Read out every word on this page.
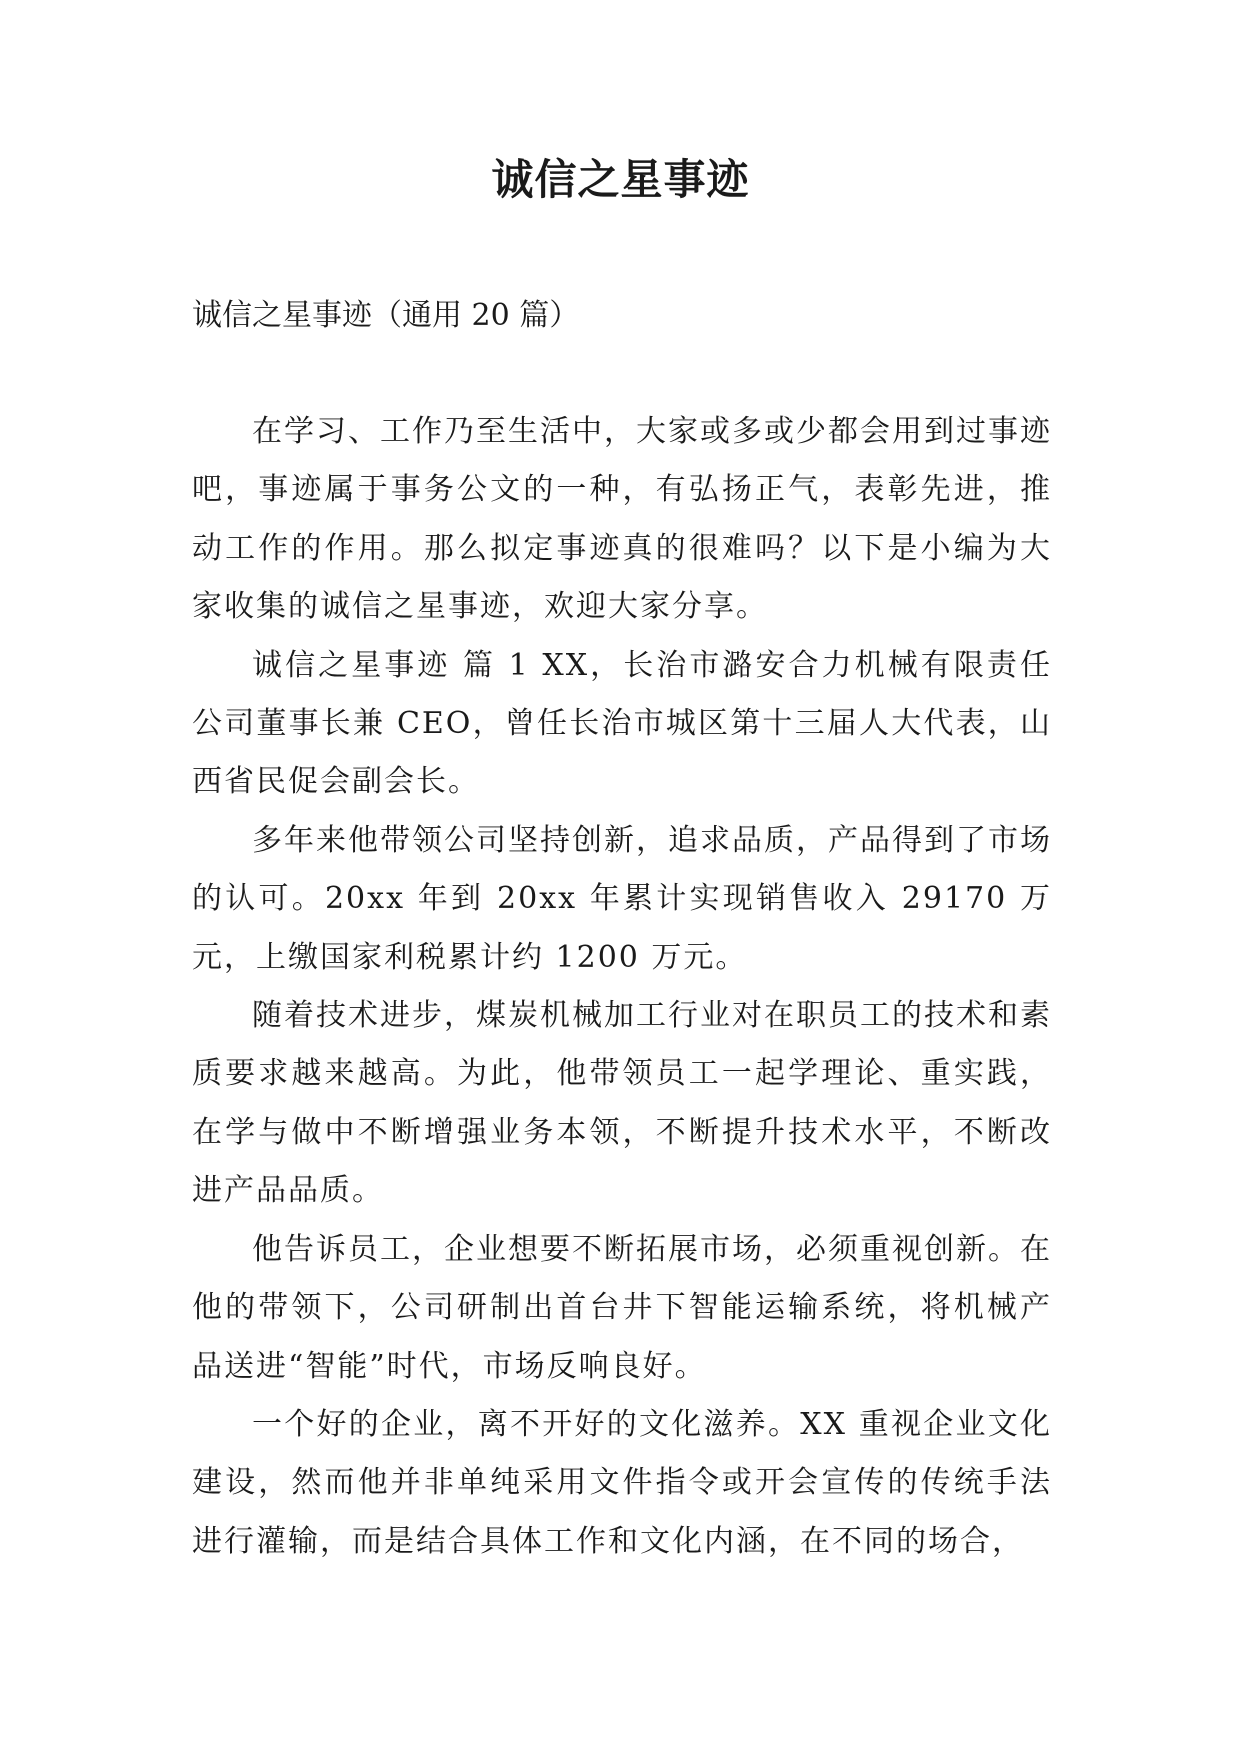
诚信之星事迹
诚信之星事迹（通用 20 篇）

在学习、工作乃至生活中，大家或多或少都会用到过事迹吧，事迹属于事务公文的一种，有弘扬正气，表彰先进，推动工作的作用。那么拟定事迹真的很难吗？以下是小编为大家收集的诚信之星事迹，欢迎大家分享。

诚信之星事迹 篇 1 XX，长治市潞安合力机械有限责任公司董事长兼 CEO，曾任长治市城区第十三届人大代表，山西省民促会副会长。

多年来他带领公司坚持创新，追求品质，产品得到了市场的认可。20xx 年到 20xx 年累计实现销售收入 29170 万元，上缴国家利税累计约 1200 万元。

随着技术进步，煤炭机械加工行业对在职员工的技术和素质要求越来越高。为此，他带领员工一起学理论、重实践，在学与做中不断增强业务本领，不断提升技术水平，不断改进产品品质。

他告诉员工，企业想要不断拓展市场，必须重视创新。在他的带领下，公司研制出首台井下智能运输系统，将机械产品送进“智能”时代，市场反响良好。

一个好的企业，离不开好的文化滋养。XX 重视企业文化建设，然而他并非单纯采用文件指令或开会宣传的传统手法进行灌输，而是结合具体工作和文化内涵，在不同的场合，
